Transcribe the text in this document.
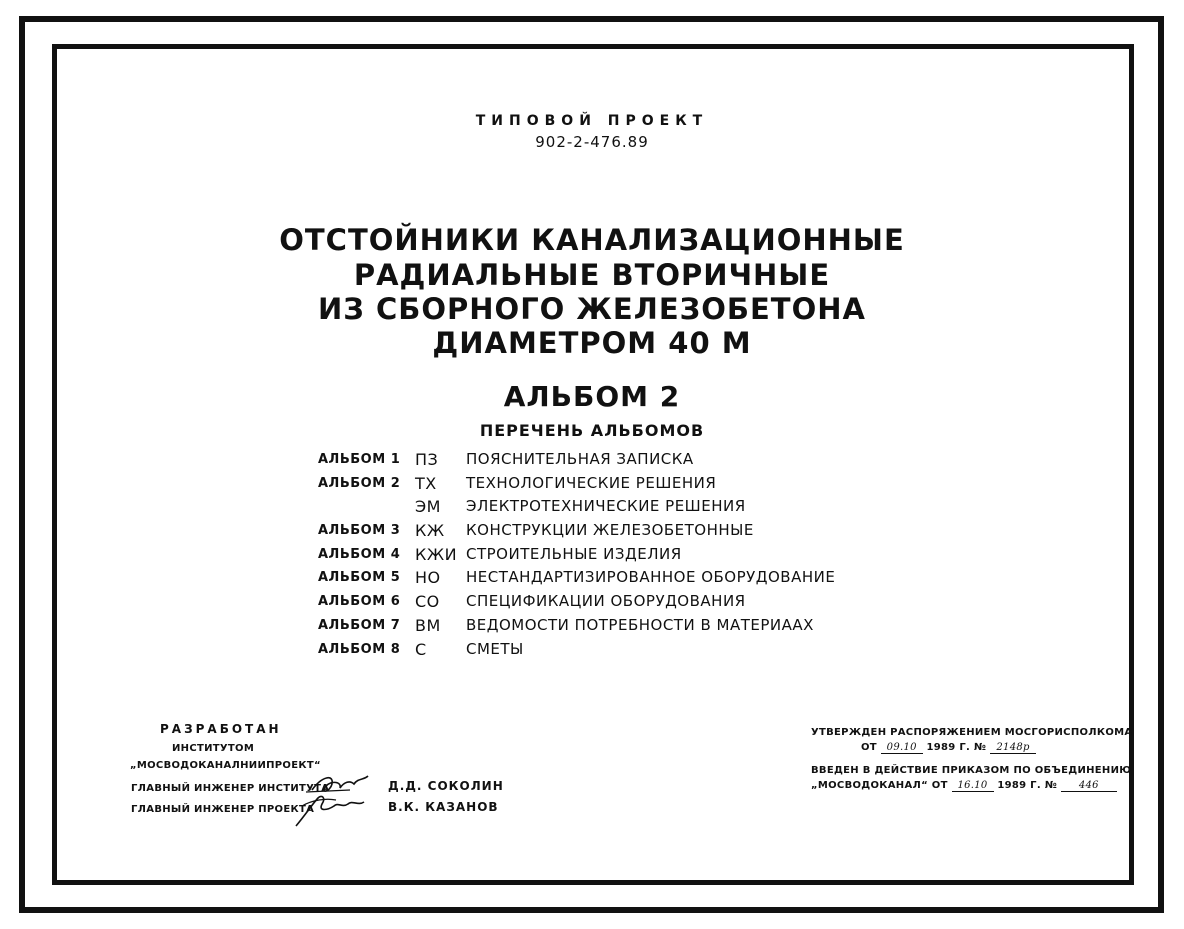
ТИПОВОЙ ПРОЕКТ
902-2-476.89
ОТСТОЙНИКИ КАНАЛИЗАЦИОННЫЕ
РАДИАЛЬНЫЕ ВТОРИЧНЫЕ
ИЗ СБОРНОГО ЖЕЛЕЗОБЕТОНА
ДИАМЕТРОМ 40 М
АЛЬБОМ 2
ПЕРЕЧЕНЬ АЛЬБОМОВ
АЛЬБОМ 1 ПЗ ПОЯСНИТЕЛЬНАЯ ЗАПИСКА
АЛЬБОМ 2 ТХ ТЕХНОЛОГИЧЕСКИЕ РЕШЕНИЯ
ЭМ ЭЛЕКТРОТЕХНИЧЕСКИЕ РЕШЕНИЯ
АЛЬБОМ 3 КЖ КОНСТРУКЦИИ ЖЕЛЕЗОБЕТОННЫЕ
АЛЬБОМ 4 КЖИ СТРОИТЕЛЬНЫЕ ИЗДЕЛИЯ
АЛЬБОМ 5 НО НЕСТАНДАРТИЗИРОВАННОЕ ОБОРУДОВАНИЕ
АЛЬБОМ 6 СО СПЕЦИФИКАЦИИ ОБОРУДОВАНИЯ
АЛЬБОМ 7 ВМ ВЕДОМОСТИ ПОТРЕБНОСТИ В МАТЕРИААХ
АЛЬБОМ 8 С	СМЕТЫ
РАЗРАБОТАН
ИНСТИТУТОМ
„МОСВОДОКАНАЛНИИПРОЕКТ“
ГЛАВНЫЙ ИНЖЕНЕР ИНСТИТУТА
ГЛАВНЫЙ ИНЖЕНЕР ПРОЕКТА
Д.Д. СОКОЛИН
В.К. КАЗАНОВ
УТВЕРЖДЕН РАСПОРЯЖЕНИЕМ МОСГОРИСПОЛКОМА
ОТ 09.10 1989 Г. № 2148р
ВВЕДЕН В ДЕЙСТВИЕ ПРИКАЗОМ ПО ОБЪЕДИНЕНИЮ
„МОСВОДОКАНАЛ“ ОТ 16.10 1989 Г. № 446
